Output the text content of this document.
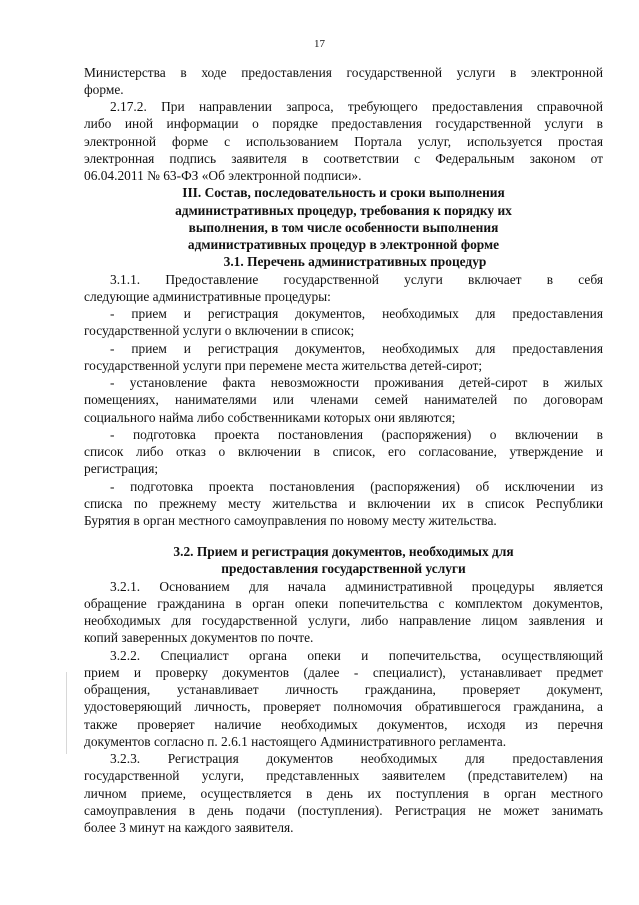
17
Министерства в ходе предоставления государственной услуги в электронной
форме.
2.17.2. При направлении запроса, требующего предоставления справочной
либо иной информации о порядке предоставления государственной услуги в
электронной форме с использованием Портала услуг, используется простая
электронная подпись заявителя в соответствии с Федеральным законом от
06.04.2011 № 63-ФЗ «Об электронной подписи».
III. Состав, последовательность и сроки выполнения
административных процедур, требования к порядку их
выполнения, в том числе особенности выполнения
административных процедур в электронной форме
3.1. Перечень административных процедур
3.1.1. Предоставление государственной услуги включает в себя
следующие административные процедуры:
- прием и регистрация документов, необходимых для предоставления
государственной услуги о включении в список;
- прием и регистрация документов, необходимых для предоставления
государственной услуги при перемене места жительства детей-сирот;
- установление факта невозможности проживания детей-сирот в жилых
помещениях, нанимателями или членами семей нанимателей по договорам
социального найма либо собственниками которых они являются;
- подготовка проекта постановления (распоряжения) о включении в
список либо отказ о включении в список, его согласование, утверждение и
регистрация;
- подготовка проекта постановления (распоряжения) об исключении из
списка по прежнему месту жительства и включении их в список Республики
Бурятия в орган местного самоуправления по новому месту жительства.
3.2. Прием и регистрация документов, необходимых для
предоставления государственной услуги
3.2.1. Основанием для начала административной процедуры является
обращение гражданина в орган опеки попечительства с комплектом документов,
необходимых для государственной услуги, либо направление лицом заявления и
копий заверенных документов по почте.
3.2.2. Специалист органа опеки и попечительства, осуществляющий
прием и проверку документов (далее - специалист), устанавливает предмет
обращения, устанавливает личность гражданина, проверяет документ,
удостоверяющий личность, проверяет полномочия обратившегося гражданина, а
также проверяет наличие необходимых документов, исходя из перечня
документов согласно п. 2.6.1 настоящего Административного регламента.
3.2.3. Регистрация документов необходимых для предоставления
государственной услуги, представленных заявителем (представителем) на
личном приеме, осуществляется в день их поступления в орган местного
самоуправления в день подачи (поступления). Регистрация не может занимать
более 3 минут на каждого заявителя.
